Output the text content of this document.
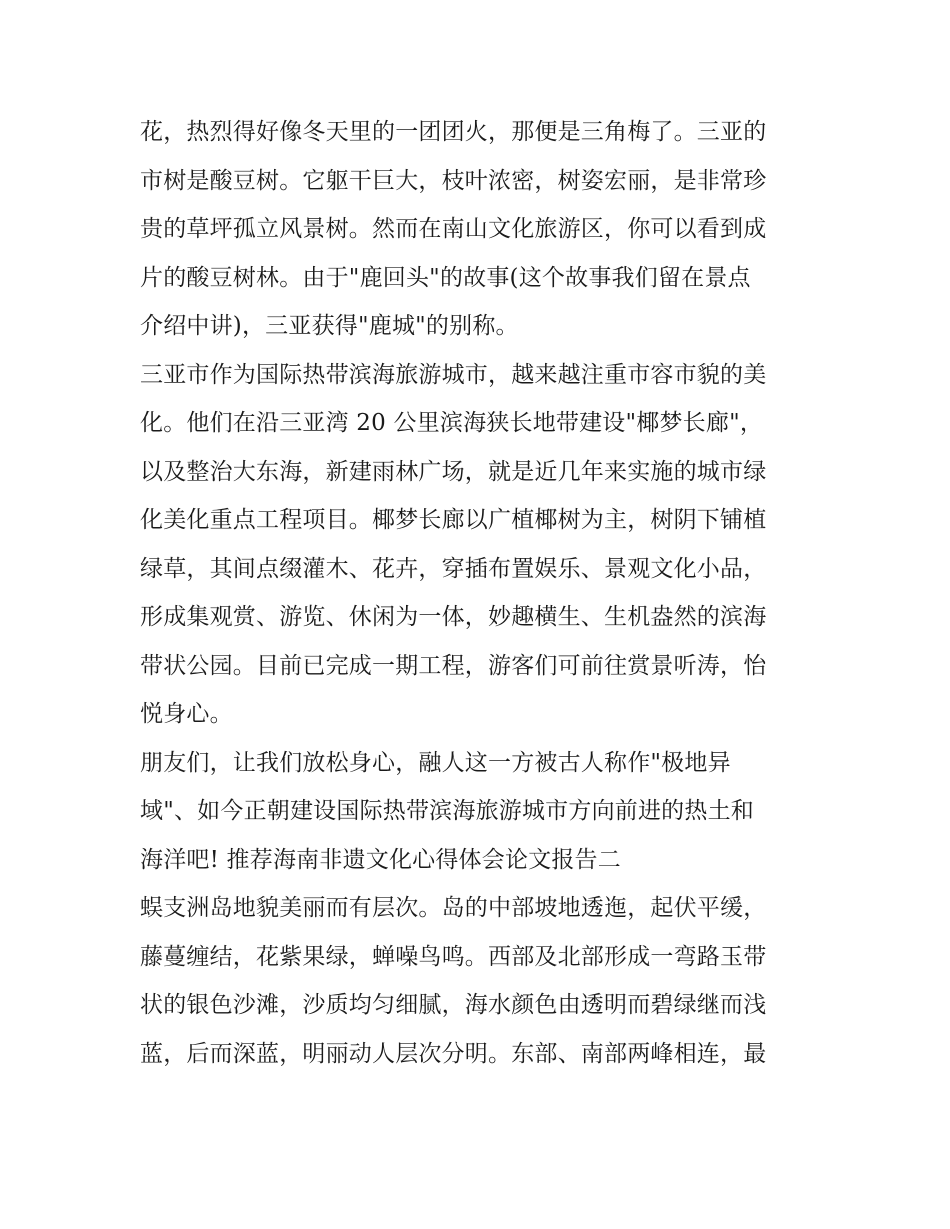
花，热烈得好像冬天里的一团团火，那便是三角梅了。三亚的
市树是酸豆树。它躯干巨大，枝叶浓密，树姿宏丽，是非常珍
贵的草坪孤立风景树。然而在南山文化旅游区，你可以看到成
片的酸豆树林。由于"鹿回头"的故事(这个故事我们留在景点
介绍中讲)，三亚获得"鹿城"的别称。
三亚市作为国际热带滨海旅游城市，越来越注重市容市貌的美
化。他们在沿三亚湾 20 公里滨海狭长地带建设"椰梦长廊"，
以及整治大东海，新建雨林广场，就是近几年来实施的城市绿
化美化重点工程项目。椰梦长廊以广植椰树为主，树阴下铺植
绿草，其间点缀灌木、花卉，穿插布置娱乐、景观文化小品，
形成集观赏、游览、休闲为一体，妙趣横生、生机盎然的滨海
带状公园。目前已完成一期工程，游客们可前往赏景听涛，怡
悦身心。
朋友们，让我们放松身心，融人这一方被古人称作"极地异
域"、如今正朝建设国际热带滨海旅游城市方向前进的热土和
海洋吧! 推荐海南非遗文化心得体会论文报告二
蜈支洲岛地貌美丽而有层次。岛的中部坡地透迤，起伏平缓，
藤蔓缠结，花紫果绿，蝉噪鸟鸣。西部及北部形成一弯路玉带
状的银色沙滩，沙质均匀细腻，海水颜色由透明而碧绿继而浅
蓝，后而深蓝，明丽动人层次分明。东部、南部两峰相连，最
